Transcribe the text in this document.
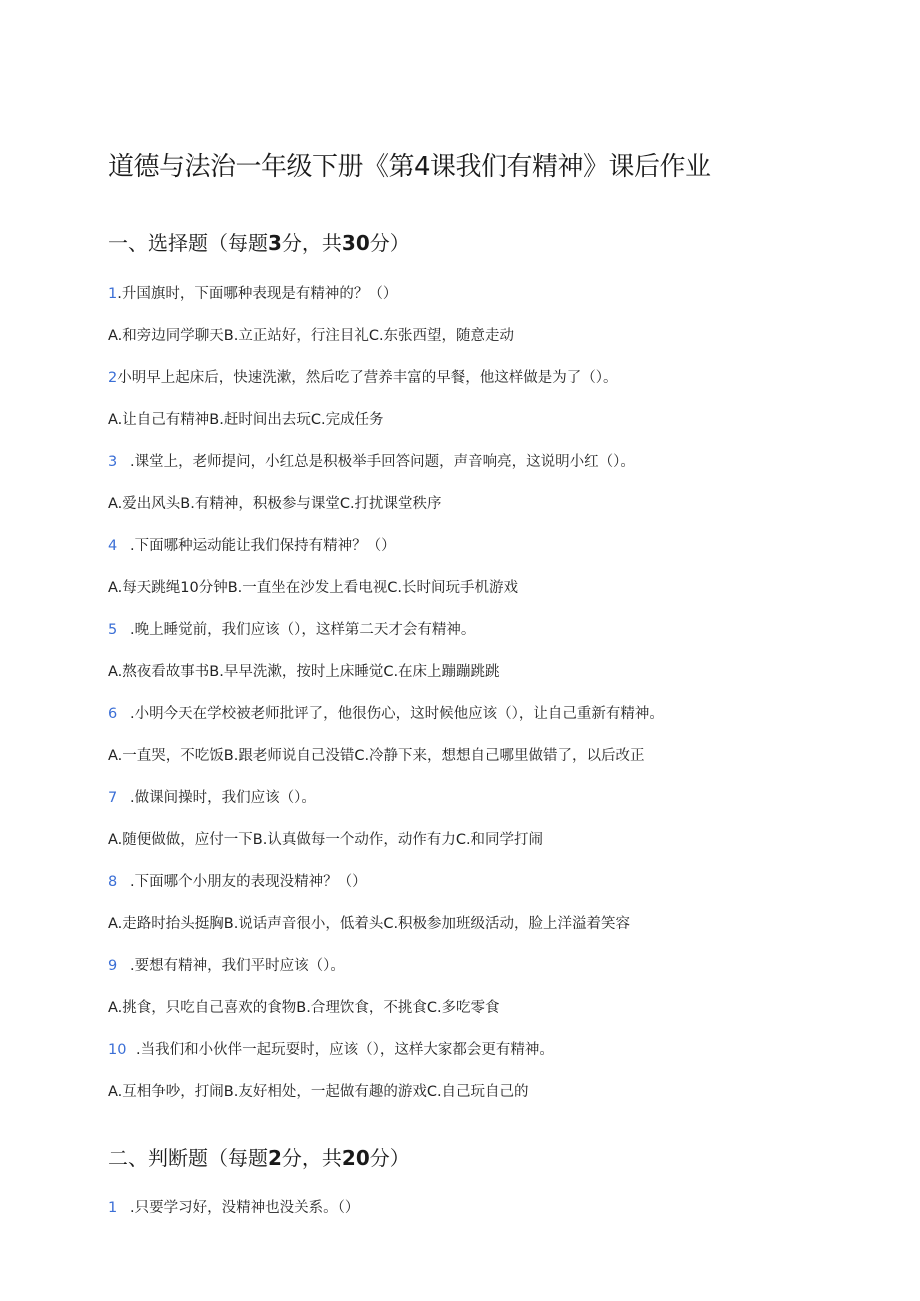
道德与法治一年级下册《第4课我们有精神》课后作业
一、选择题（每题3分，共30分）
1.升国旗时，下面哪种表现是有精神的？（）
A.和旁边同学聊天B.立正站好，行注目礼C.东张西望，随意走动
2小明早上起床后，快速洗漱，然后吃了营养丰富的早餐，他这样做是为了（）。
A.让自己有精神B.赶时间出去玩C.完成任务
3 .课堂上，老师提问，小红总是积极举手回答问题，声音响亮，这说明小红（）。
A.爱出风头B.有精神，积极参与课堂C.打扰课堂秩序
4 .下面哪种运动能让我们保持有精神？（）
A.每天跳绳10分钟B.一直坐在沙发上看电视C.长时间玩手机游戏
5 .晚上睡觉前，我们应该（），这样第二天才会有精神。
A.熬夜看故事书B.早早洗漱，按时上床睡觉C.在床上蹦蹦跳跳
6 .小明今天在学校被老师批评了，他很伤心，这时候他应该（），让自己重新有精神。
A.一直哭，不吃饭B.跟老师说自己没错C.冷静下来，想想自己哪里做错了，以后改正
7 .做课间操时，我们应该（）。
A.随便做做，应付一下B.认真做每一个动作，动作有力C.和同学打闹
8 .下面哪个小朋友的表现没精神？（）
A.走路时抬头挺胸B.说话声音很小，低着头C.积极参加班级活动，脸上洋溢着笑容
9 .要想有精神，我们平时应该（）。
A.挑食，只吃自己喜欢的食物B.合理饮食，不挑食C.多吃零食
10 .当我们和小伙伴一起玩耍时，应该（），这样大家都会更有精神。
A.互相争吵，打闹B.友好相处，一起做有趣的游戏C.自己玩自己的
二、判断题（每题2分，共20分）
1 .只要学习好，没精神也没关系。（）
